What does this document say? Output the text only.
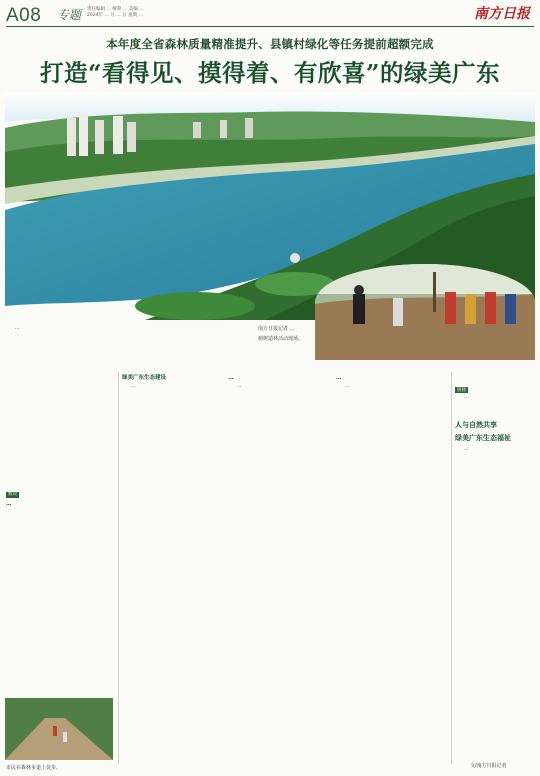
A08 专题 责任编辑 … 统筹 … 美编 …
2024年 … 月 … 日 星期 …	南方日报
本年度全省森林质量精准提升、县镇村绿化等任务提前超额完成
打造“看得见、摸得着、有欣喜”的绿美广东
南方日报记者 …
植树造林活动现场。

…

数说
…
市民在森林步道上徒步。
绿美广东生态建设

…

…

…

…

…

链接

…

人与自然共享
绿美广东生态福祉

…

文/南方日报记者
